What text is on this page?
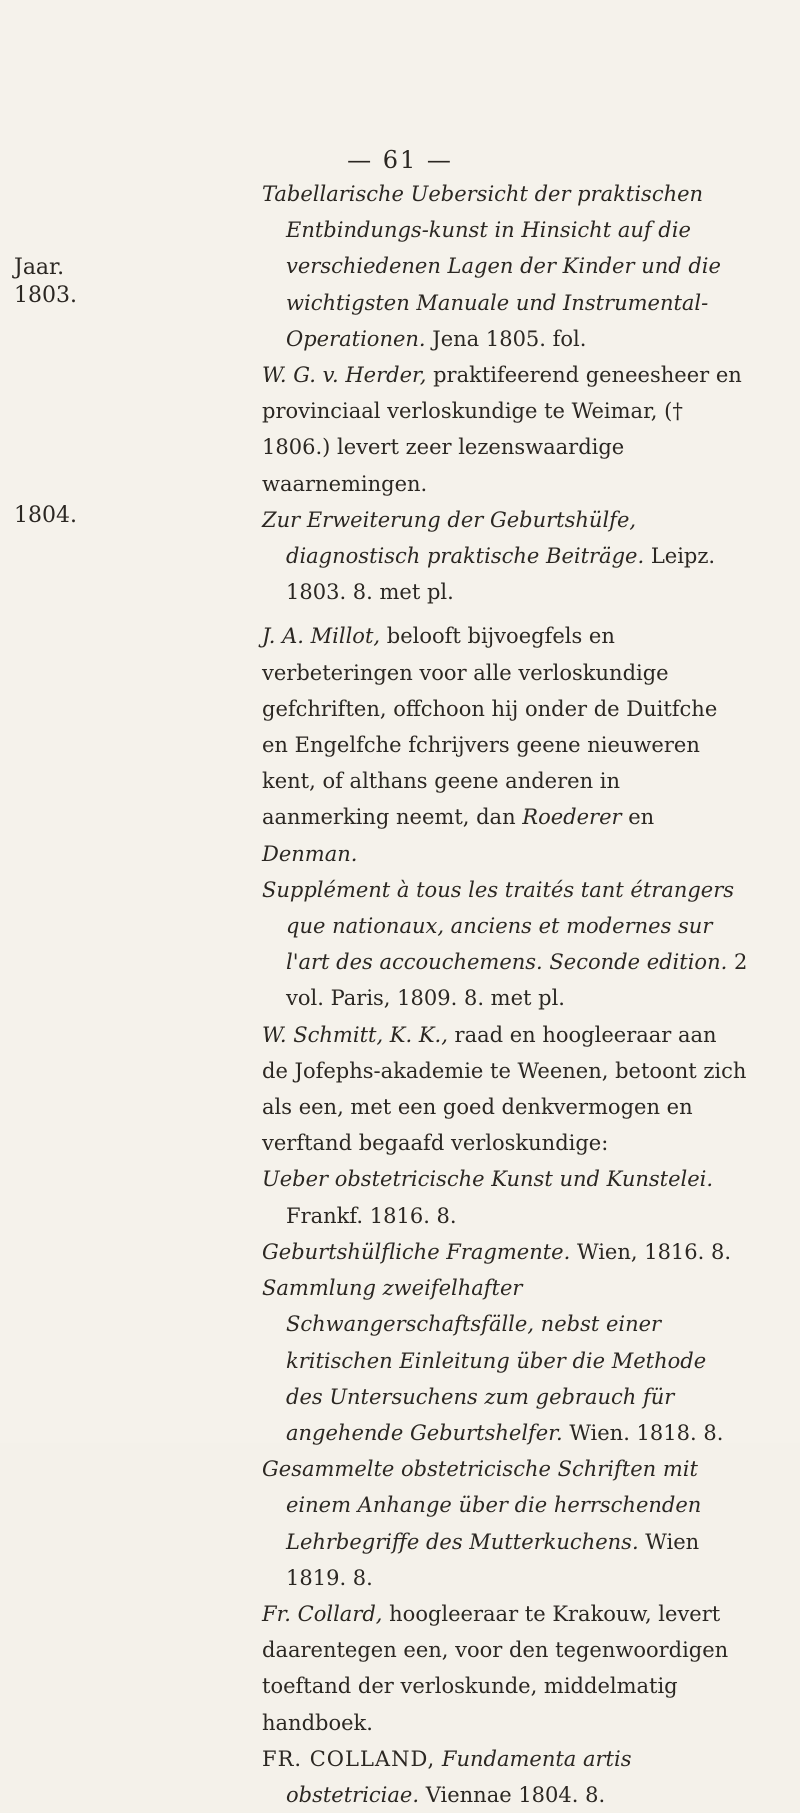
— 61 —
Jaar.
1803.
1804.

Tabellarische Uebersicht der praktischen Entbindungs-kunst in Hinsicht auf die verschiedenen Lagen der Kinder und die wichtigsten Manuale und Instrumental-Operationen. Jena 1805. fol.

W. G. v. Herder, praktifeerend geneesheer en provinciaal verloskundige te Weimar, († 1806.) levert zeer lezenswaardige waarnemingen.

Zur Erweiterung der Geburtshülfe, diagnostisch praktische Beiträge. Leipz. 1803. 8. met pl.

J. A. Millot, belooft bijvoegfels en verbeteringen voor alle verloskundige gefchriften, offchoon hij onder de Duitfche en Engelfche fchrijvers geene nieuweren kent, of althans geene anderen in aanmerking neemt, dan Roederer en Denman.

Supplément à tous les traités tant étrangers que nationaux, anciens et modernes sur l'art des accouchemens. Seconde edition. 2 vol. Paris, 1809. 8. met pl.

W. Schmitt, K. K., raad en hoogleeraar aan de Jofephs-akademie te Weenen, betoont zich als een, met een goed denkvermogen en verftand begaafd verloskundige:

Ueber obstetricische Kunst und Kunstelei. Frankf. 1816. 8.

Geburtshülfliche Fragmente. Wien, 1816. 8.

Sammlung zweifelhafter Schwangerschaftsfälle, nebst einer kritischen Einleitung über die Methode des Untersuchens zum gebrauch für angehende Geburtshelfer. Wien. 1818. 8.

Gesammelte obstetricische Schriften mit einem Anhange über die herrschenden Lehrbegriffe des Mutterkuchens. Wien 1819. 8.

Fr. Collard, hoogleeraar te Krakouw, levert daarentegen een, voor den tegenwoordigen toeftand der verloskunde, middelmatig handboek.

FR. COLLAND, Fundamenta artis obstetriciae. Viennae 1804. 8.
